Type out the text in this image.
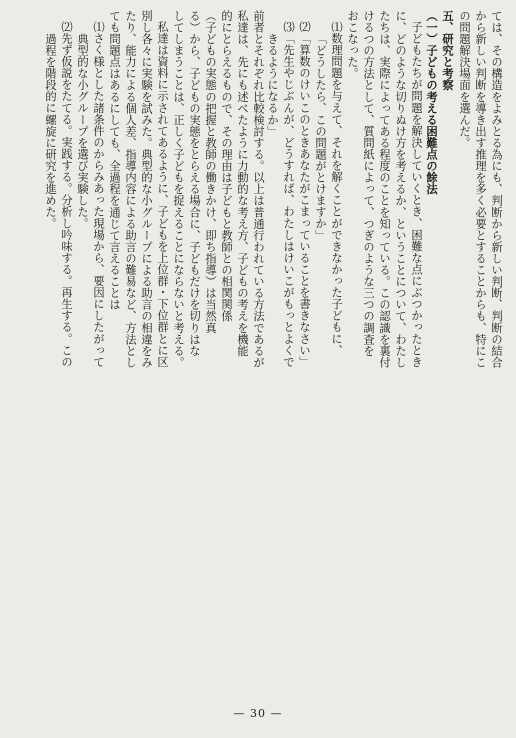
ては、その構造をよみとる為にも、判断から新しい判断、判断の結合
から新しい判断を導き出す推理を多く必要とすることからも、特にこ
の問題解決場面を選んだ。
五、研究と考察
（一）子どもの考える困難点の餘法
子どもたちが問題を解決していくとき、困難な点にぶつかったとき
に、どのような切りぬけ方を考えるか、ということについて、わたし
たちは、実際によってある程度のことを知っている。この認識を裏付
けるつの方法として、質問紙によって、つぎのような三つの調査を
おこなった。
⑴数理問題を与えて、それを解くことができなかった子どもに、
「どうしたら、この問題がとけますか」
⑵「算数のけいこのときあなたがこまっていることを書きなさい」
⑶「先生やじぶんが、どうすれば、わたしはけいこがもっとよくで
きるようになるか」
前者とそれぞれ比較検討する。以上は普通行われている方法であるが
私達は、先にも述べたように力動的な考え方、子どもの考えを機能
的にとらえるもので、その理由は子どもと教師との相関関係
（子どもの実態の把握と教師の働きかけ、即ち指導）は当然真
る）から、子どもの実態をとらえる場合に、子どもだけを切りはな
してしまうことは、正しく子どもを捉えることにならないと考える。
私達は資料に示されてあるように、子どもを上位群・下位群とに区
別し各々に実験を試みた。典型的な小グループによる助言の相違をみ
たり、能力による個人差、指導内容による助言の難易など、方法とし
ても問題点はあるにしても、全過程を通じて言えることは
⑴さく様とした諸条件のからみあった現場から、要因にしたがって
典型的な小グループを選び実験した。
⑵先ず仮説をたてる。実践する。分析し吟味する。再生する。この
過程を階段的に螺旋に研究を進めた。
— 30 —
